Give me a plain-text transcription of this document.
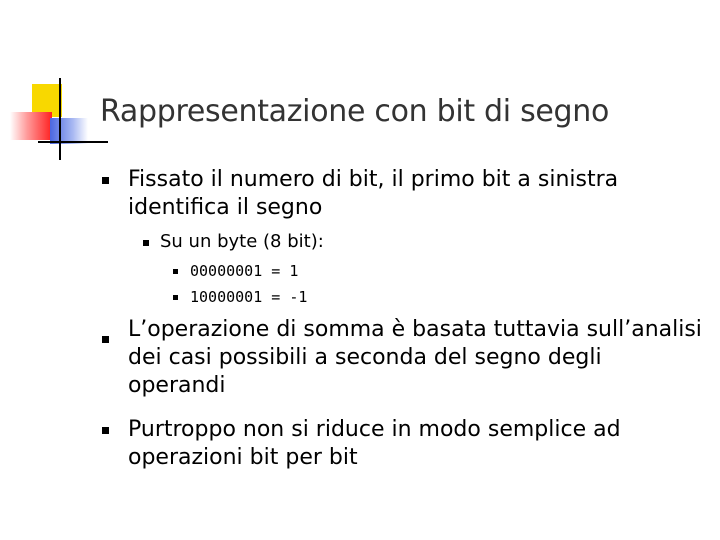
Rappresentazione con bit di segno
Fissato il numero di bit, il primo bit a sinistra identifica il segno
Su un byte (8 bit):
00000001 = 1
10000001 = -1
L’operazione di somma è basata tuttavia sull’analisi dei casi possibili a seconda del segno degli operandi
Purtroppo non si riduce in modo semplice ad operazioni bit per bit
